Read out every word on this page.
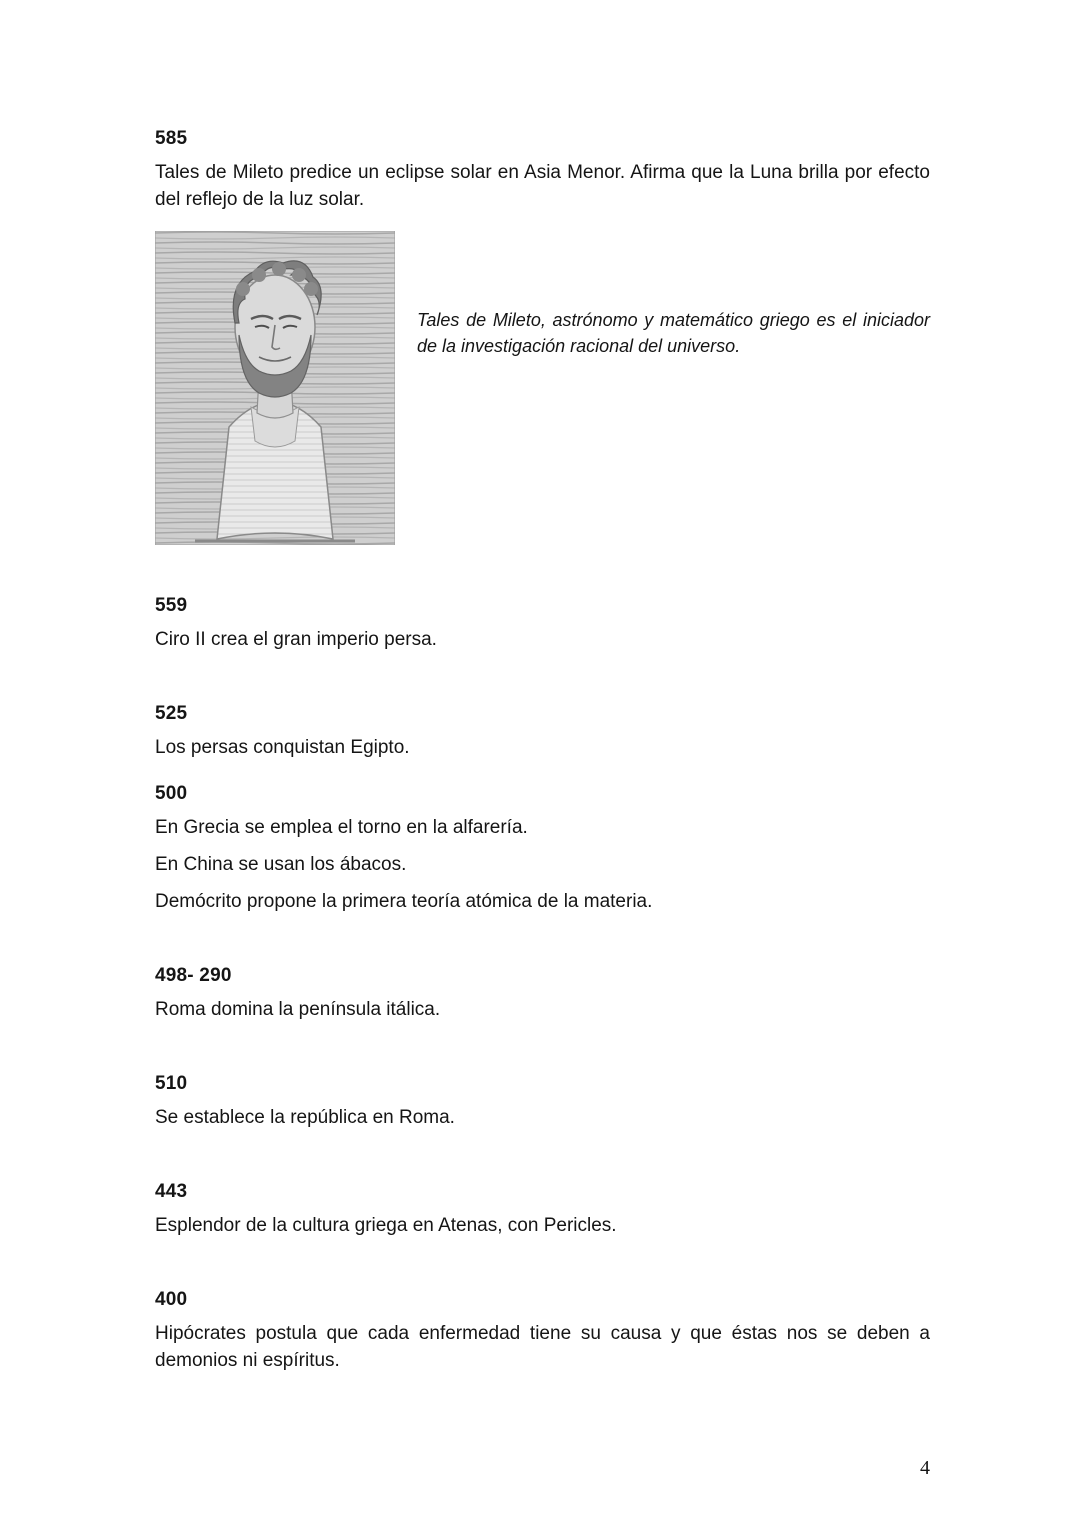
585

Tales de Mileto predice un eclipse solar en Asia Menor. Afirma que la Luna brilla por efecto del reflejo de la luz solar.

Tales de Mileto, astrónomo y matemático griego es el iniciador de la investigación racional del universo.
559

Ciro II crea el gran imperio persa.

525

Los persas conquistan Egipto.

500

En Grecia se emplea el torno en la alfarería.

En China se usan los ábacos.

Demócrito propone la primera teoría atómica de la materia.

498- 290

Roma domina la península itálica.

510

Se establece la república en Roma.

443

Esplendor de la cultura griega en Atenas, con Pericles.

400

Hipócrates postula que cada enfermedad tiene su causa y que éstas nos se deben a demonios ni espíritus.

4
